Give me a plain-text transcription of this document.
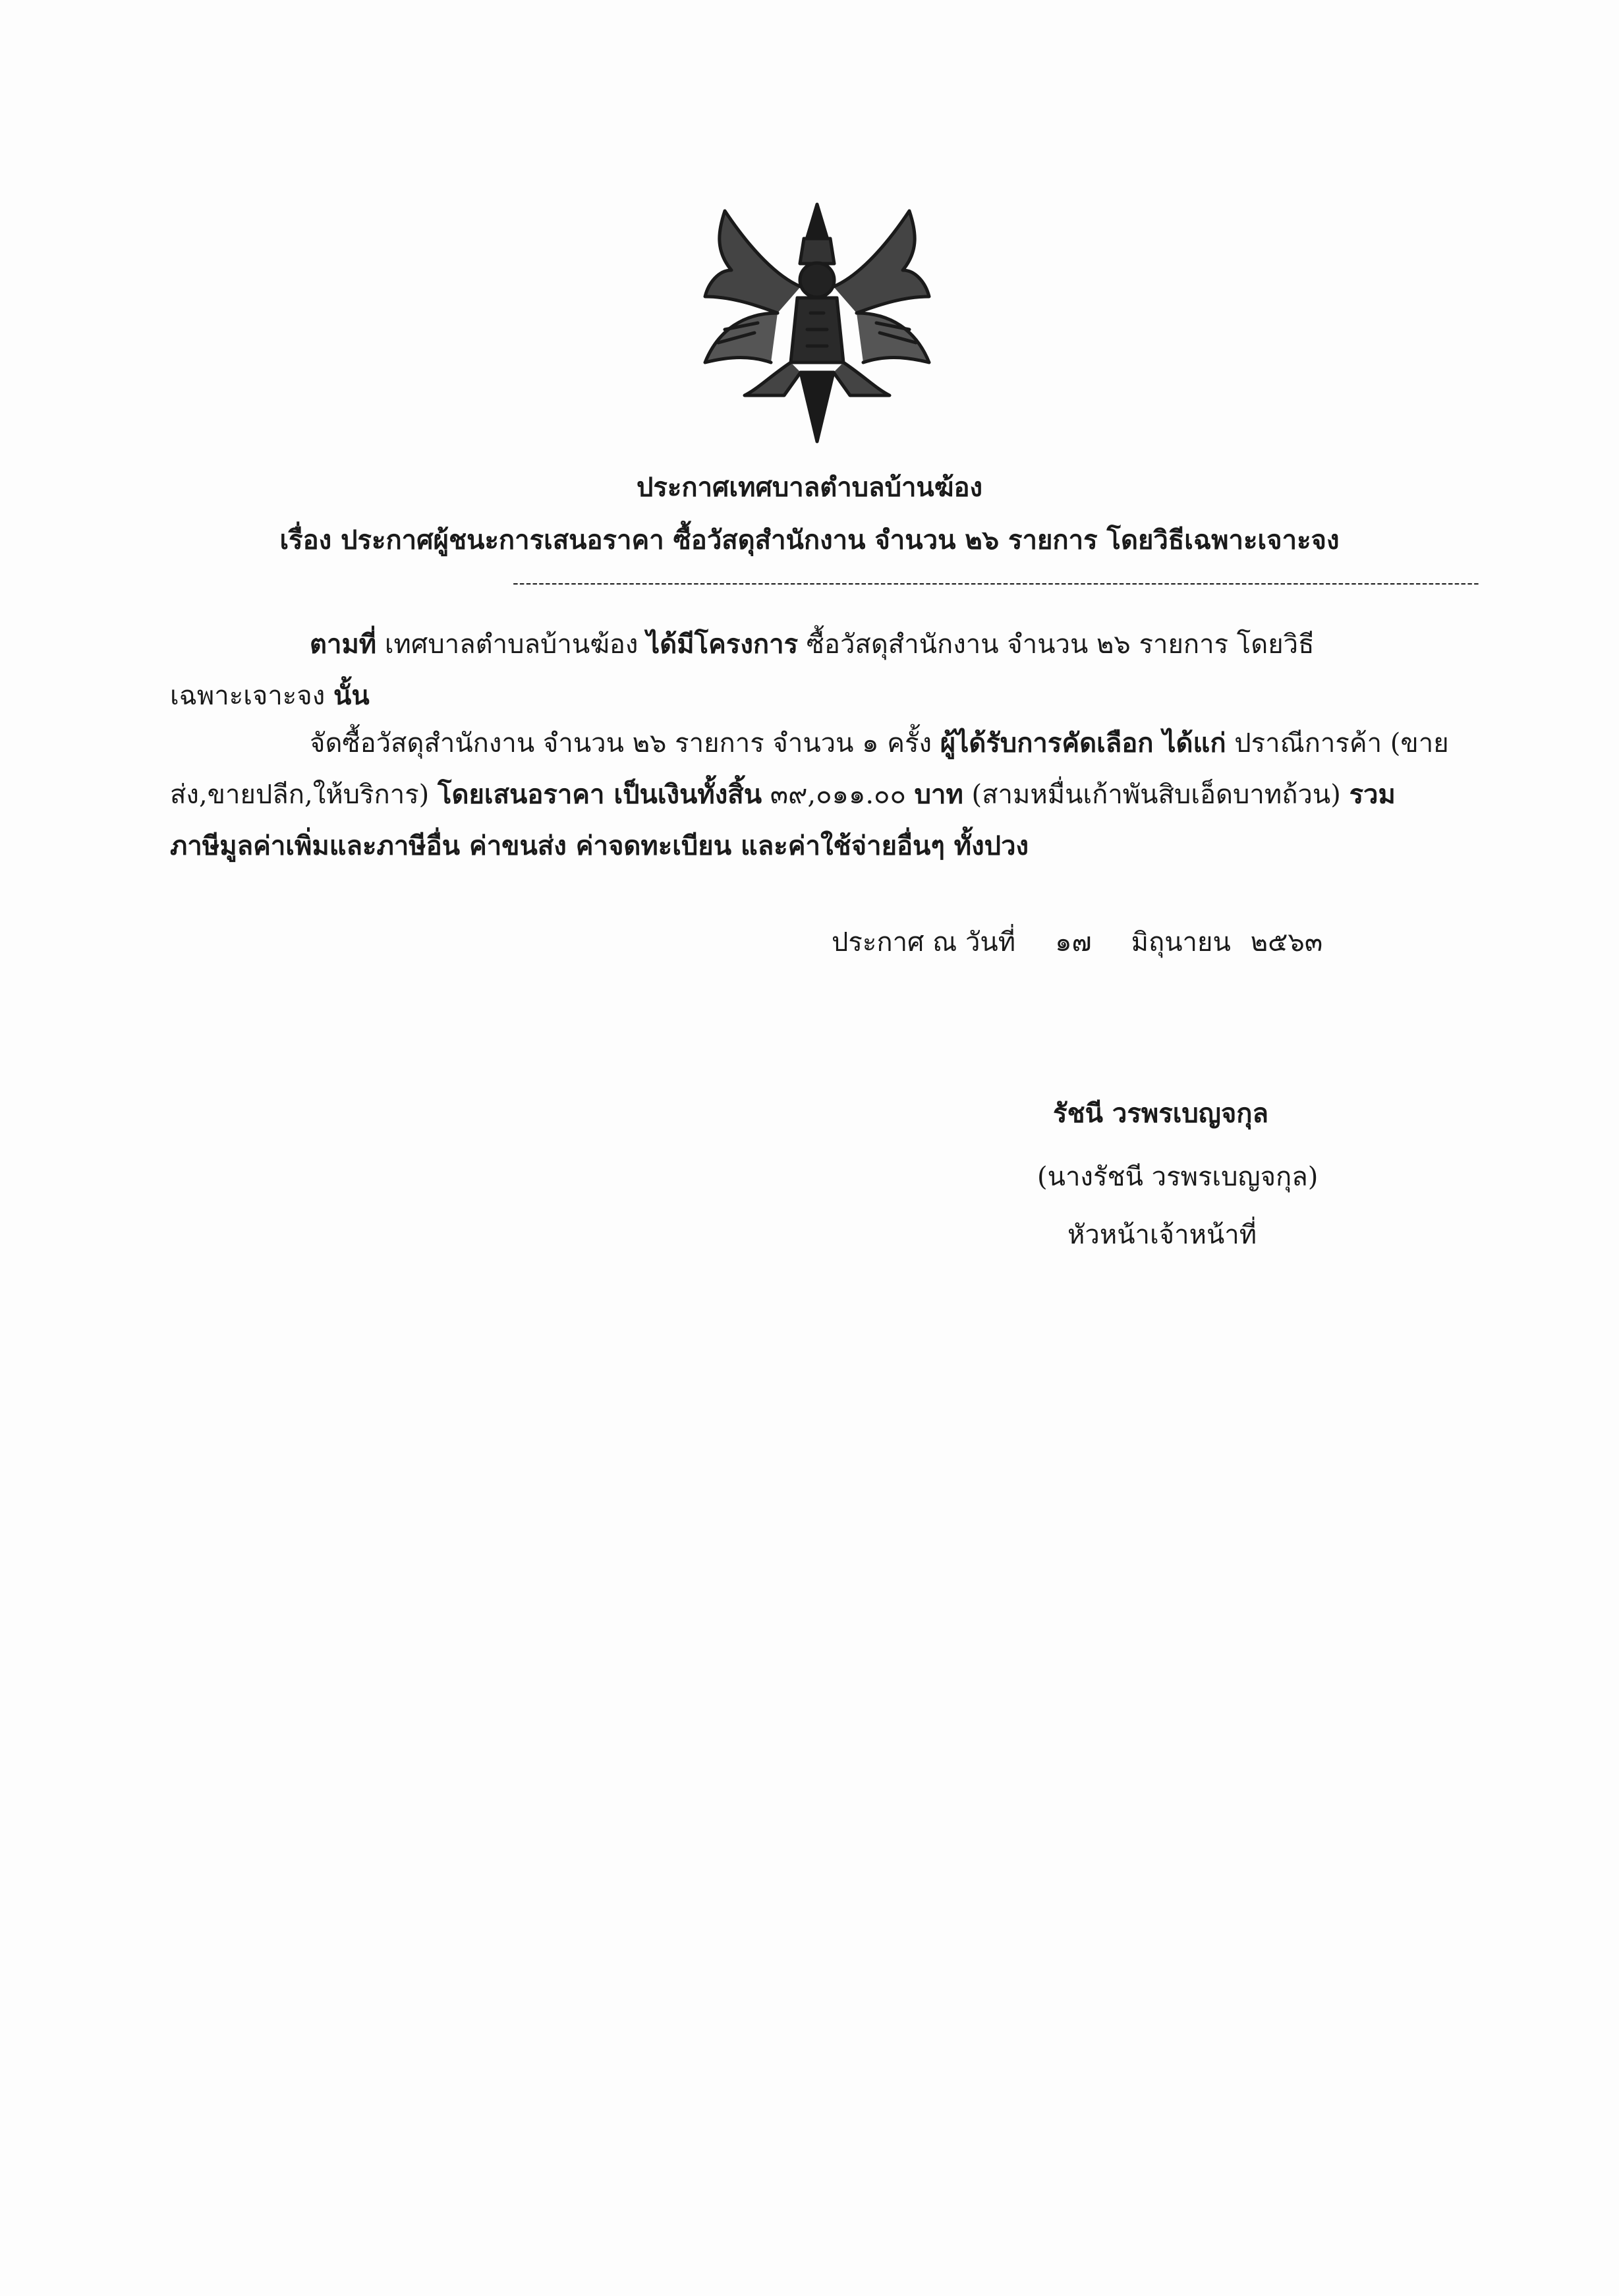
ประกาศเทศบาลตำบลบ้านฆ้อง
เรื่อง ประกาศผู้ชนะการเสนอราคา ซื้อวัสดุสำนักงาน จำนวน ๒๖ รายการ โดยวิธีเฉพาะเจาะจง
------------------------------------------------------------------------------------------------------------------------------------------------------
ตามที่ เทศบาลตำบลบ้านฆ้อง ได้มีโครงการ ซื้อวัสดุสำนักงาน จำนวน ๒๖ รายการ โดยวิธี
เฉพาะเจาะจง นั้น
จัดซื้อวัสดุสำนักงาน จำนวน ๒๖ รายการ จำนวน ๑ ครั้ง ผู้ได้รับการคัดเลือก ได้แก่ ปราณีการค้า (ขาย
ส่ง,ขายปลีก,ให้บริการ) โดยเสนอราคา เป็นเงินทั้งสิ้น ๓๙,๐๑๑.๐๐ บาท (สามหมื่นเก้าพันสิบเอ็ดบาทถ้วน) รวม
ภาษีมูลค่าเพิ่มและภาษีอื่น ค่าขนส่ง ค่าจดทะเบียน และค่าใช้จ่ายอื่นๆ ทั้งปวง
ประกาศ ณ วันที่ ๑๗ มิถุนายน ๒๕๖๓
รัชนี วรพรเบญจกุล
(นางรัชนี วรพรเบญจกุล)
หัวหน้าเจ้าหน้าที่
